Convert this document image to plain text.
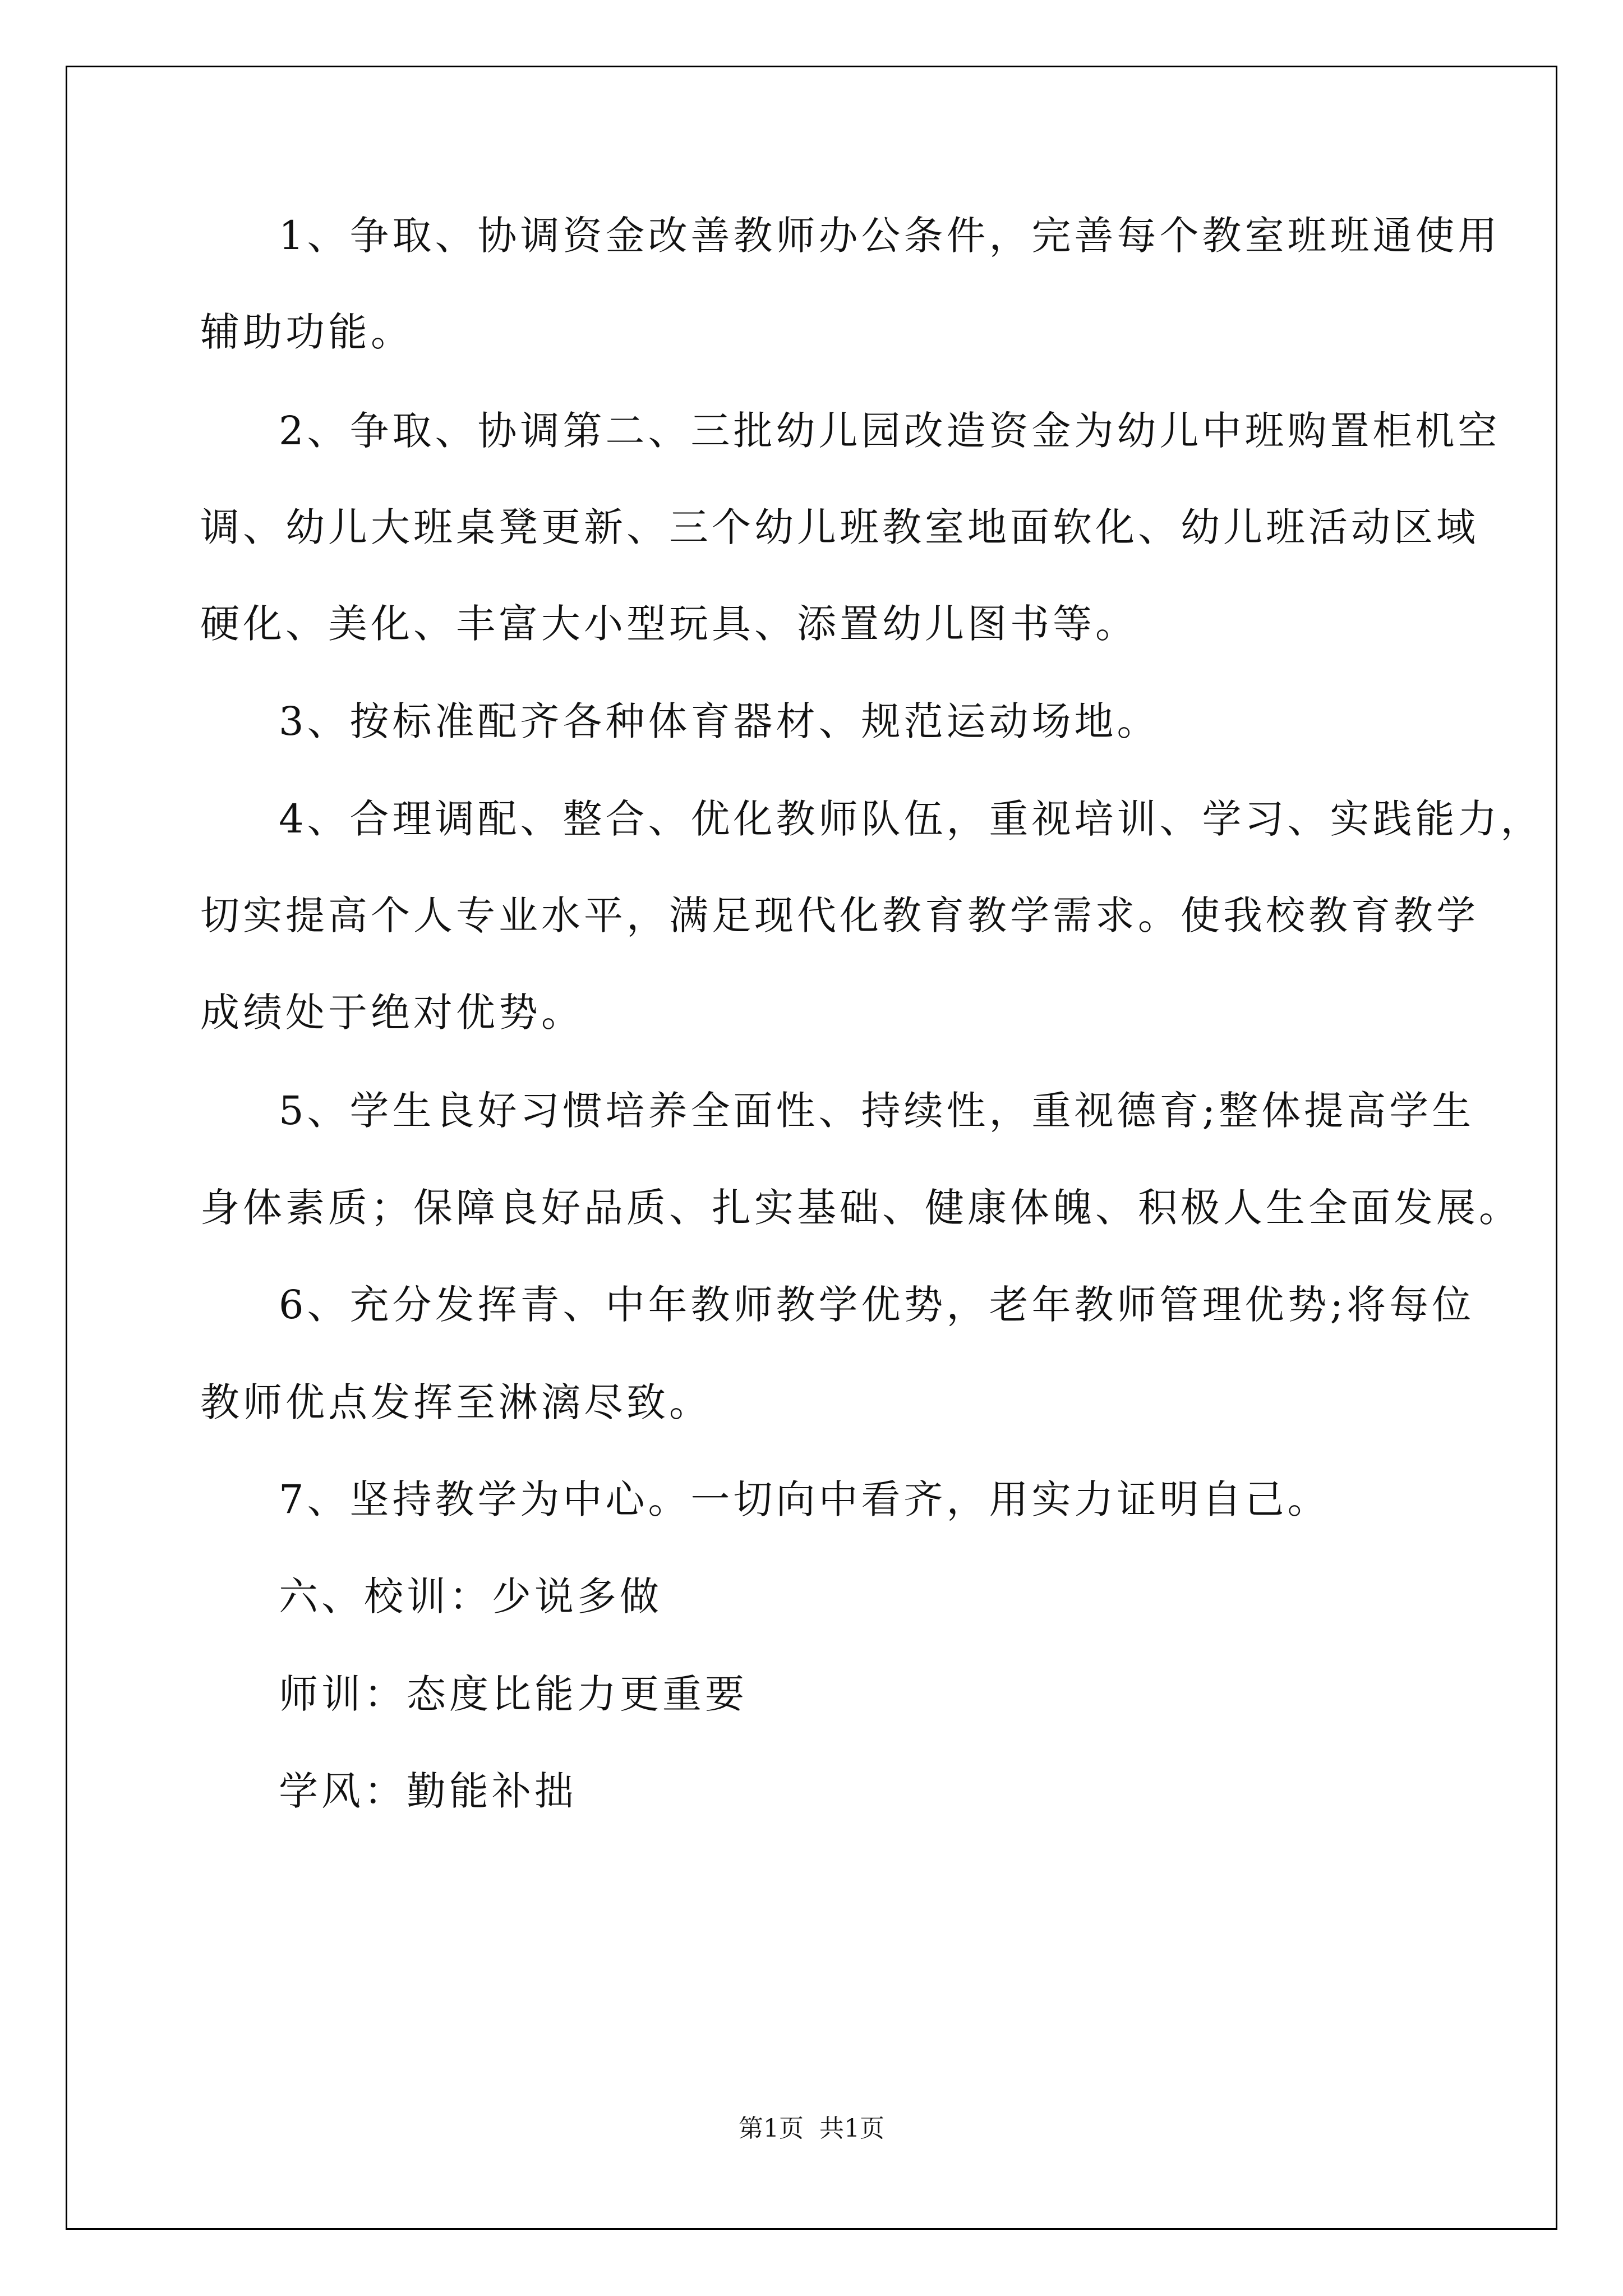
1、争取、协调资金改善教师办公条件，完善每个教室班班通使用
辅助功能。
2、争取、协调第二、三批幼儿园改造资金为幼儿中班购置柜机空
调、幼儿大班桌凳更新、三个幼儿班教室地面软化、幼儿班活动区域
硬化、美化、丰富大小型玩具、添置幼儿图书等。
3、按标准配齐各种体育器材、规范运动场地。
4、合理调配、整合、优化教师队伍，重视培训、学习、实践能力，
切实提高个人专业水平，满足现代化教育教学需求。使我校教育教学
成绩处于绝对优势。
5、学生良好习惯培养全面性、持续性，重视德育;整体提高学生
身体素质；保障良好品质、扎实基础、健康体魄、积极人生全面发展。
6、充分发挥青、中年教师教学优势，老年教师管理优势;将每位
教师优点发挥至淋漓尽致。
7、坚持教学为中心。一切向中看齐，用实力证明自己。
六、校训：少说多做
师训：态度比能力更重要
学风：勤能补拙
第1页 共1页
